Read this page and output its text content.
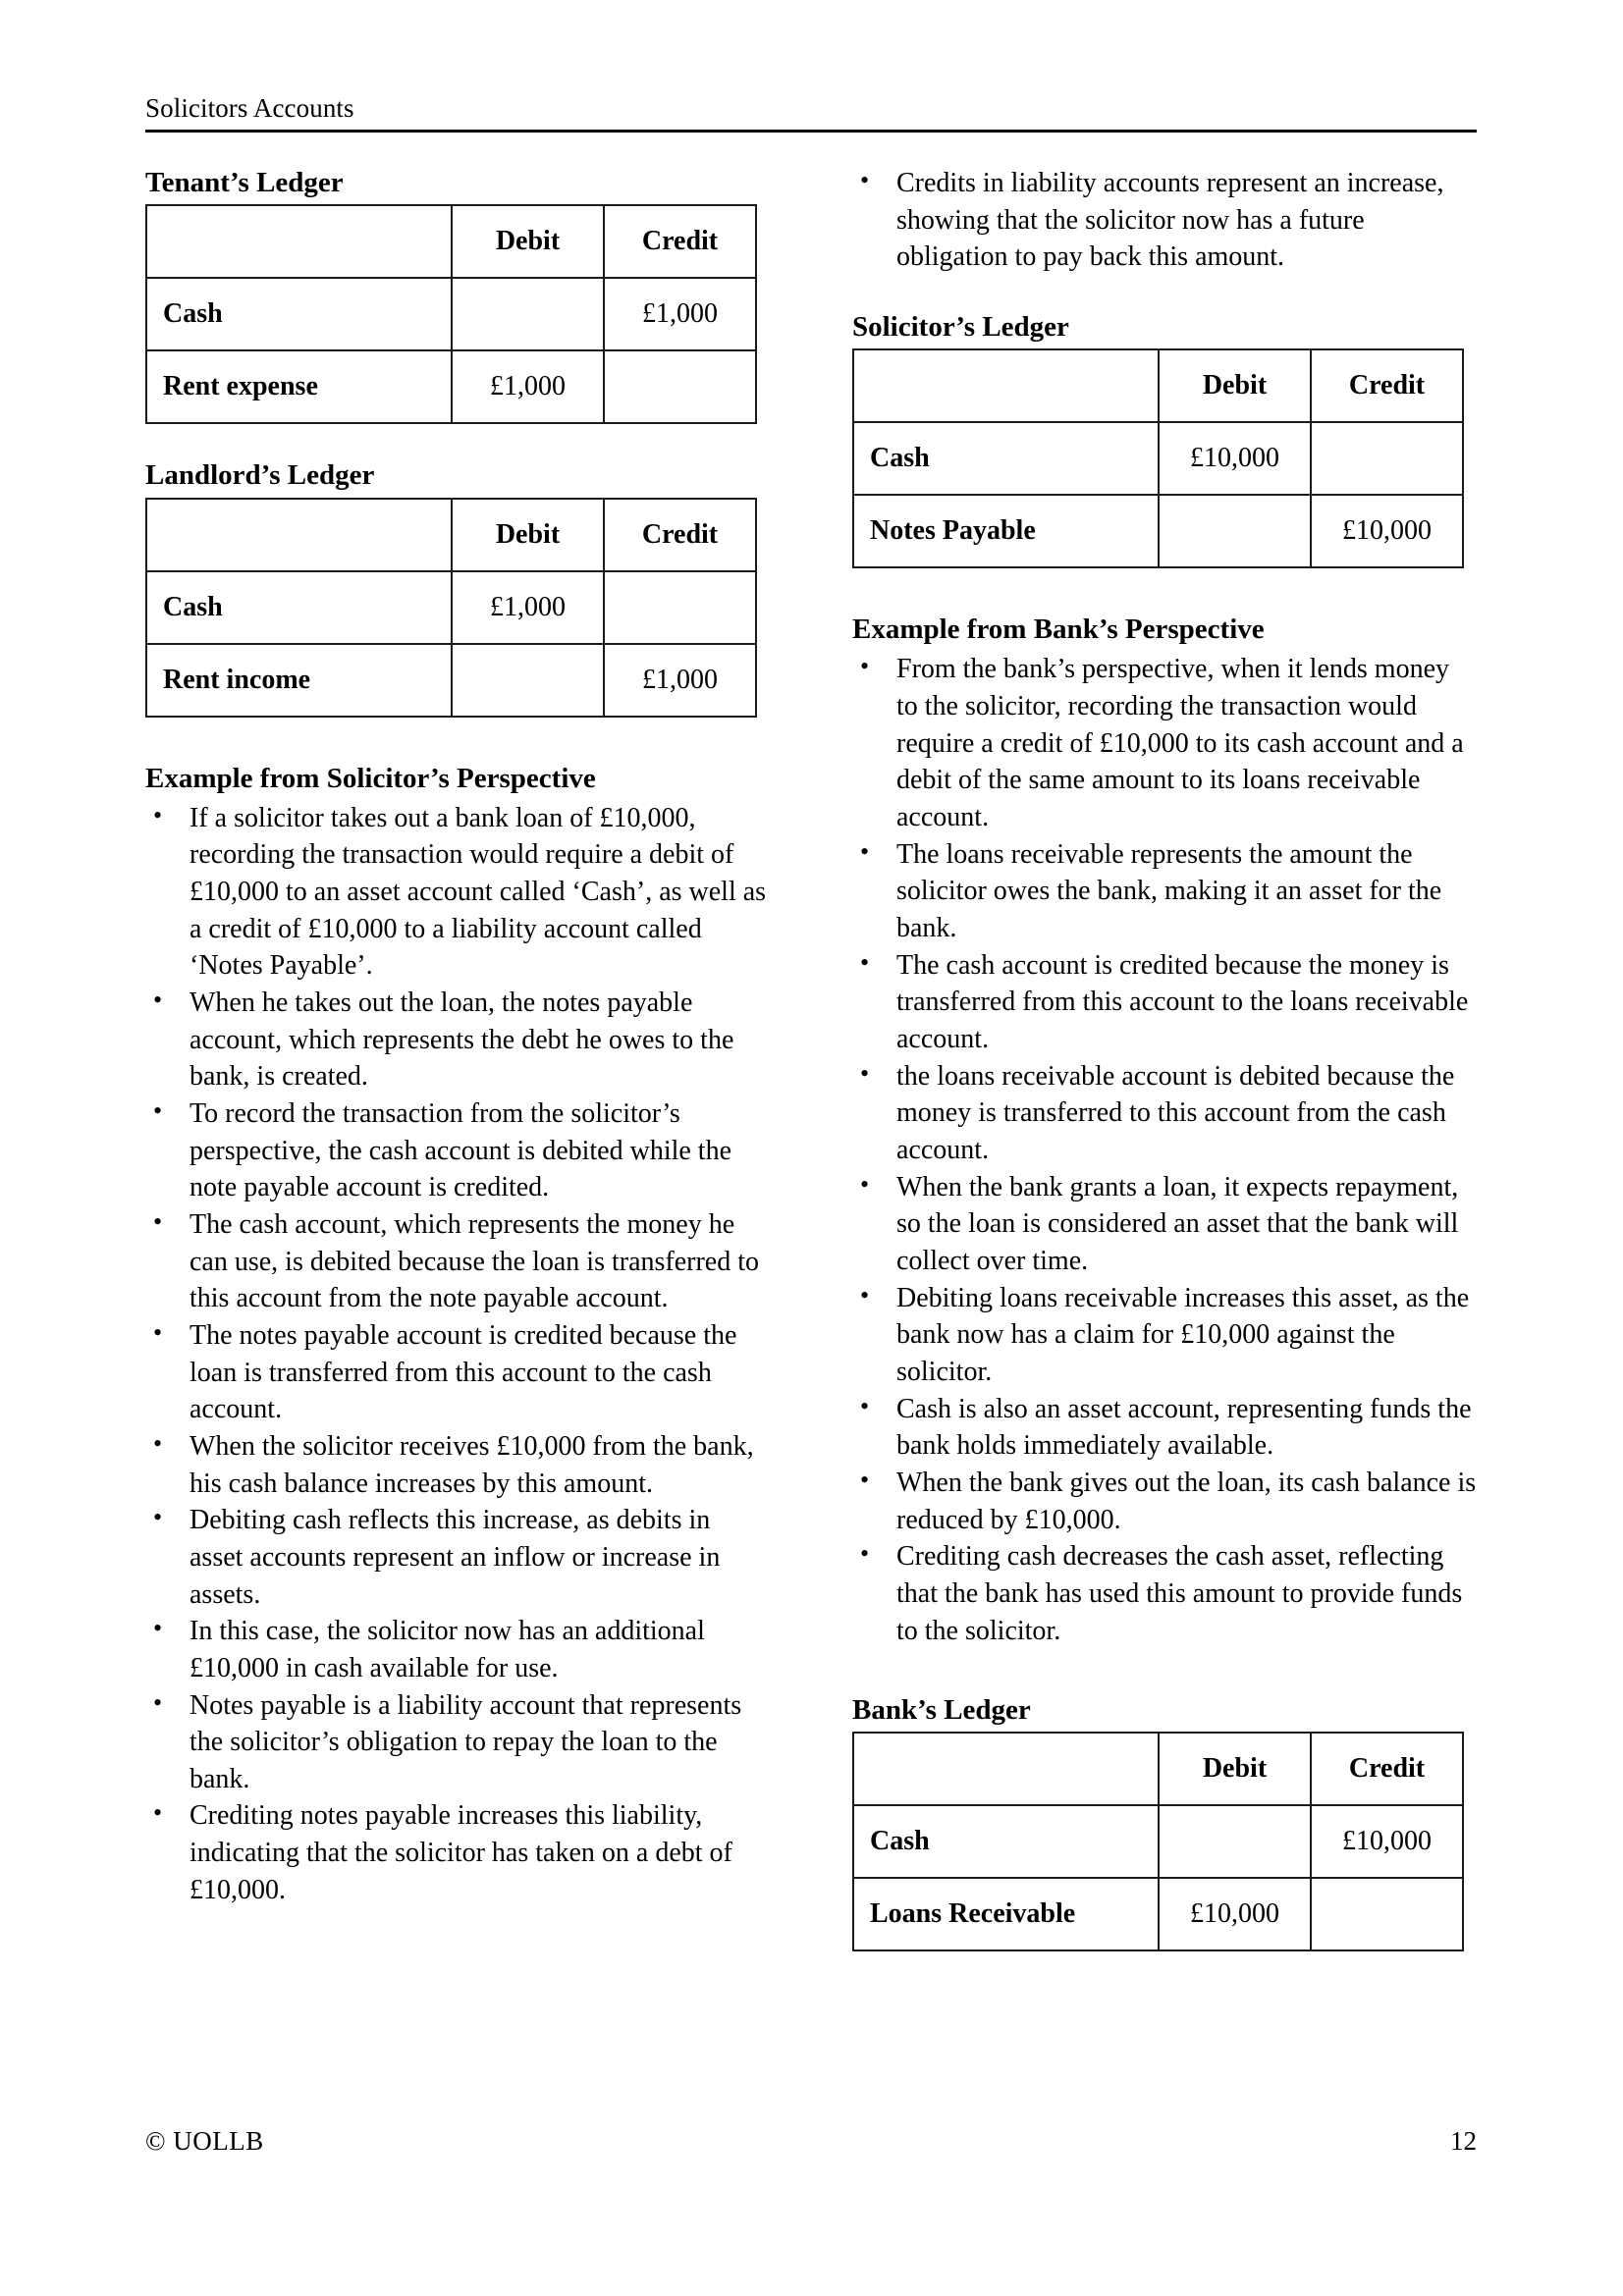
Solicitors Accounts
Tenant’s Ledger
	Debit	Credit
Cash		£1,000
Rent expense	£1,000	
Landlord’s Ledger
	Debit	Credit
Cash	£1,000	
Rent income		£1,000
Example from Solicitor’s Perspective
• If a solicitor takes out a bank loan of £10,000, recording the transaction would require a debit of £10,000 to an asset account called ‘Cash’, as well as a credit of £10,000 to a liability account called ‘Notes Payable’.
• When he takes out the loan, the notes payable account, which represents the debt he owes to the bank, is created.
• To record the transaction from the solicitor’s perspective, the cash account is debited while the note payable account is credited.
• The cash account, which represents the money he can use, is debited because the loan is transferred to this account from the note payable account.
• The notes payable account is credited because the loan is transferred from this account to the cash account.
• When the solicitor receives £10,000 from the bank, his cash balance increases by this amount.
• Debiting cash reflects this increase, as debits in asset accounts represent an inflow or increase in assets.
• In this case, the solicitor now has an additional £10,000 in cash available for use.
• Notes payable is a liability account that represents the solicitor’s obligation to repay the loan to the bank.
• Crediting notes payable increases this liability, indicating that the solicitor has taken on a debt of £10,000.
• Credits in liability accounts represent an increase, showing that the solicitor now has a future obligation to pay back this amount.
Solicitor’s Ledger
	Debit	Credit
Cash	£10,000	
Notes Payable		£10,000
Example from Bank’s Perspective
• From the bank’s perspective, when it lends money to the solicitor, recording the transaction would require a credit of £10,000 to its cash account and a debit of the same amount to its loans receivable account.
• The loans receivable represents the amount the solicitor owes the bank, making it an asset for the bank.
• The cash account is credited because the money is transferred from this account to the loans receivable account.
• the loans receivable account is debited because the money is transferred to this account from the cash account.
• When the bank grants a loan, it expects repayment, so the loan is considered an asset that the bank will collect over time.
• Debiting loans receivable increases this asset, as the bank now has a claim for £10,000 against the solicitor.
• Cash is also an asset account, representing funds the bank holds immediately available.
• When the bank gives out the loan, its cash balance is reduced by £10,000.
• Crediting cash decreases the cash asset, reflecting that the bank has used this amount to provide funds to the solicitor.
Bank’s Ledger
	Debit	Credit
Cash		£10,000
Loans Receivable	£10,000	
© UOLLB	12
